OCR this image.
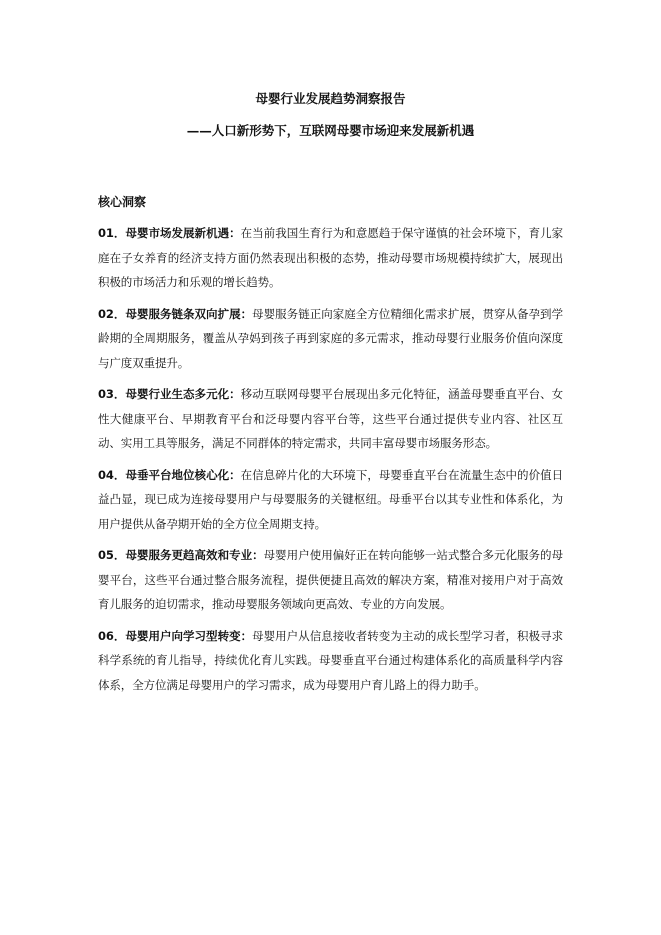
母婴行业发展趋势洞察报告

——人口新形势下，互联网母婴市场迎来发展新机遇

核心洞察

01．母婴市场发展新机遇：在当前我国生育行为和意愿趋于保守谨慎的社会环境下，育儿家庭在子女养育的经济支持方面仍然表现出积极的态势，推动母婴市场规模持续扩大，展现出积极的市场活力和乐观的增长趋势。

02．母婴服务链条双向扩展：母婴服务链正向家庭全方位精细化需求扩展，贯穿从备孕到学龄期的全周期服务，覆盖从孕妈到孩子再到家庭的多元需求，推动母婴行业服务价值向深度与广度双重提升。

03．母婴行业生态多元化：移动互联网母婴平台展现出多元化特征，涵盖母婴垂直平台、女性大健康平台、早期教育平台和泛母婴内容平台等，这些平台通过提供专业内容、社区互动、实用工具等服务，满足不同群体的特定需求，共同丰富母婴市场服务形态。

04．母垂平台地位核心化：在信息碎片化的大环境下，母婴垂直平台在流量生态中的价值日益凸显，现已成为连接母婴用户与母婴服务的关键枢纽。母垂平台以其专业性和体系化，为用户提供从备孕期开始的全方位全周期支持。

05．母婴服务更趋高效和专业：母婴用户使用偏好正在转向能够一站式整合多元化服务的母婴平台，这些平台通过整合服务流程，提供便捷且高效的解决方案，精准对接用户对于高效育儿服务的迫切需求，推动母婴服务领域向更高效、专业的方向发展。

06．母婴用户向学习型转变：母婴用户从信息接收者转变为主动的成长型学习者，积极寻求科学系统的育儿指导，持续优化育儿实践。母婴垂直平台通过构建体系化的高质量科学内容体系，全方位满足母婴用户的学习需求，成为母婴用户育儿路上的得力助手。
